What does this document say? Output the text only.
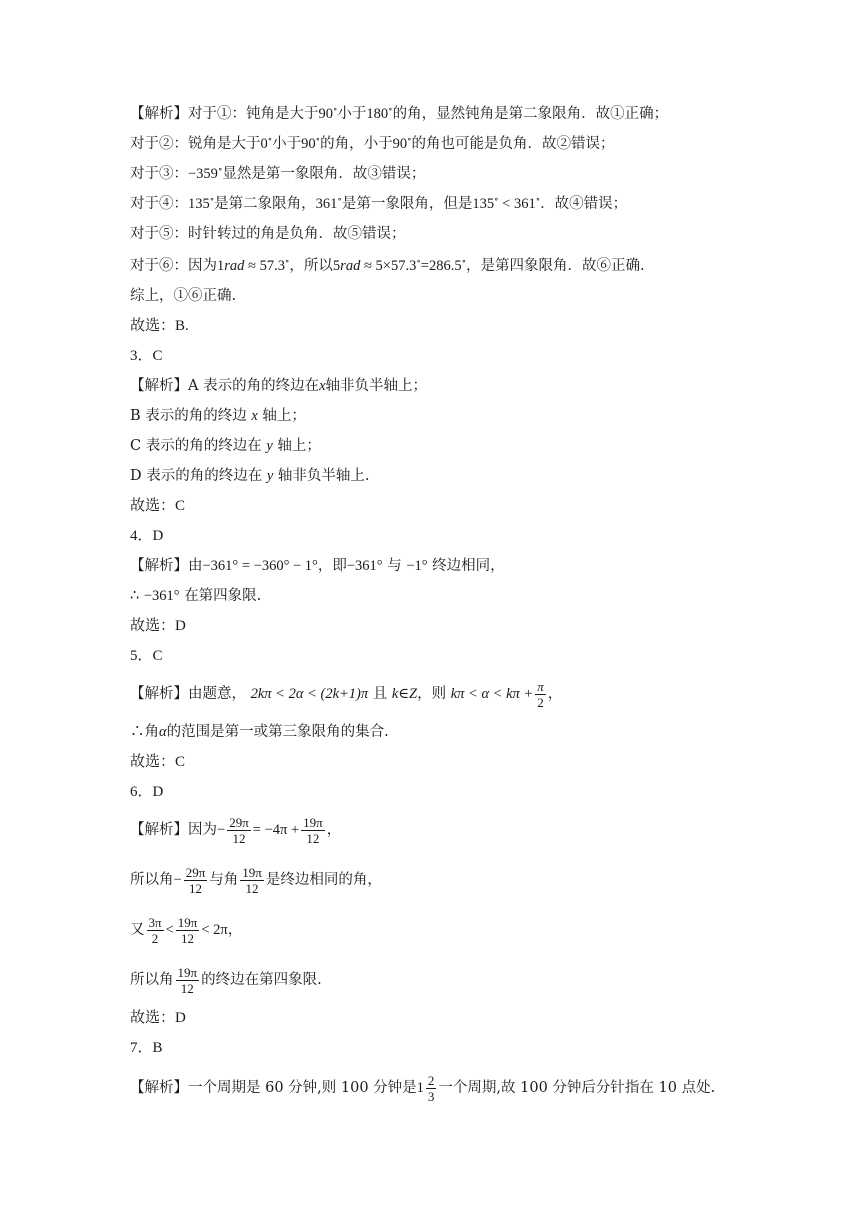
【解析】对于①：钝角是大于90∘小于180∘的角，显然钝角是第二象限角．故①正确；
对于②：锐角是大于0∘小于90∘的角，小于90∘的角也可能是负角．故②错误；
对于③：−359∘显然是第一象限角．故③错误；
对于④：135∘是第二象限角，361∘是第一象限角，但是135∘ < 361∘．故④错误；
对于⑤：时针转过的角是负角．故⑤错误；
对于⑥：因为1rad ≈ 57.3∘，所以5rad ≈ 5×57.3∘=286.5∘，是第四象限角．故⑥正确.
综上，①⑥正确.
故选：B.
3．C
【解析】A 表示的角的终边在x轴非负半轴上；
B 表示的角的终边 x 轴上；
C 表示的角的终边在 y 轴上；
D 表示的角的终边在 y 轴非负半轴上.
故选：C
4．D
【解析】由−361° = −360° − 1°，即−361° 与 −1° 终边相同，
∴ −361° 在第四象限.
故选：D
5．C
【解析】由题意， 2kπ < 2α < (2k+1)π 且 k∈Z，则 $k\pi < \alpha < k\pi + \frac{\pi}{2}$ ，
∴角α的范围是第一或第三象限角的集合.
故选：C
6．D
【解析】因为− $\frac{29\pi}{12} = -4\pi + \frac{19\pi}{12}$ ，
所以角− $\frac{29\pi}{12}$ 与角 $\frac{19\pi}{12}$ 是终边相同的角，
又 $\frac{3\pi}{2} < \frac{19\pi}{12} < 2\pi$，
所以角 $\frac{19\pi}{12}$ 的终边在第四象限.
故选：D
7．B
【解析】一个周期是 60 分钟,则 100 分钟是$1 \frac{2}{3}$ 一个周期,故 100 分钟后分针指在 10 点处.
